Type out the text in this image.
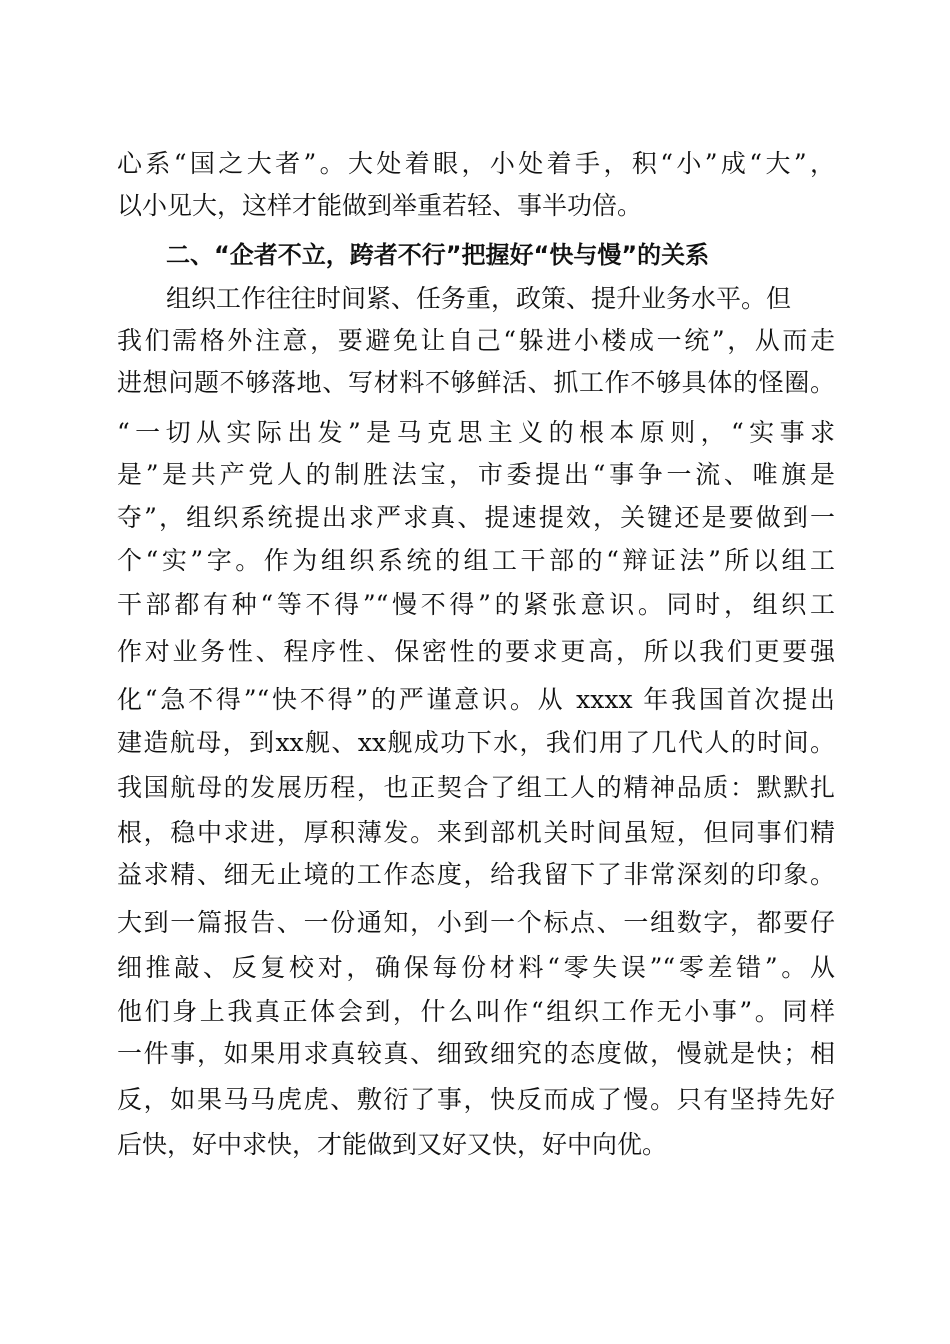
心系“国之大者”。大处着眼，小处着手，积“小”成“大”，
以小见大，这样才能做到举重若轻、事半功倍。
二、“企者不立，跨者不行”把握好“快与慢”的关系
组织工作往往时间紧、任务重，政策、提升业务水平。但
我们需格外注意，要避免让自己“躲进小楼成一统”，从而走
进想问题不够落地、写材料不够鲜活、抓工作不够具体的怪圈。
“一切从实际出发”是马克思主义的根本原则，“实事求
是”是共产党人的制胜法宝，市委提出“事争一流、唯旗是
夺”，组织系统提出求严求真、提速提效，关键还是要做到一
个“实”字。作为组织系统的组工干部的“辩证法”所以组工
干部都有种“等不得”“慢不得”的紧张意识。同时，组织工
作对业务性、程序性、保密性的要求更高，所以我们更要强
化“急不得”“快不得”的严谨意识。从 xxxx 年我国首次提出
建造航母，到xx舰、xx舰成功下水，我们用了几代人的时间。
我国航母的发展历程，也正契合了组工人的精神品质：默默扎
根，稳中求进，厚积薄发。来到部机关时间虽短，但同事们精
益求精、细无止境的工作态度，给我留下了非常深刻的印象。
大到一篇报告、一份通知，小到一个标点、一组数字，都要仔
细推敲、反复校对，确保每份材料“零失误”“零差错”。从
他们身上我真正体会到，什么叫作“组织工作无小事”。同样
一件事，如果用求真较真、细致细究的态度做，慢就是快；相
反，如果马马虎虎、敷衍了事，快反而成了慢。只有坚持先好
后快，好中求快，才能做到又好又快，好中向优。
